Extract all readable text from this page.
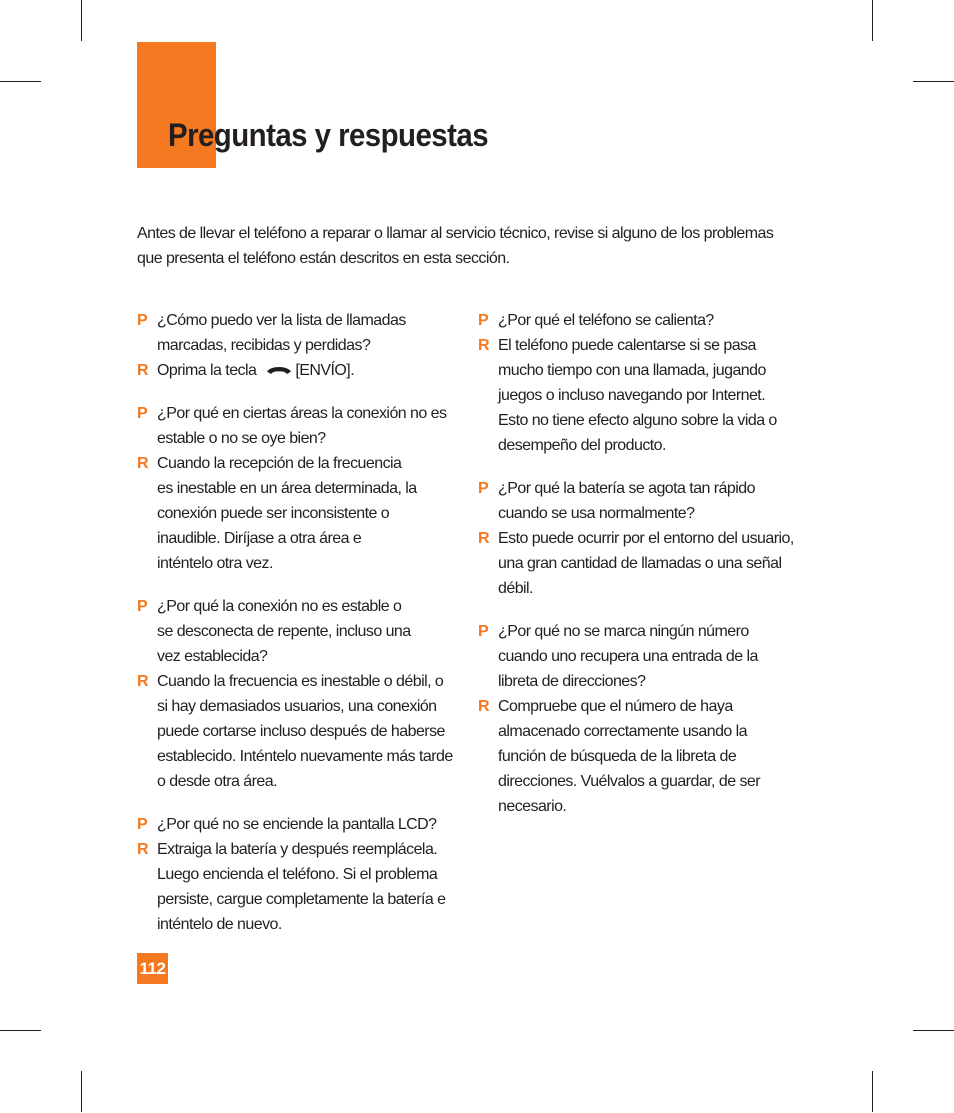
Preguntas y respuestas

Antes de llevar el teléfono a reparar o llamar al servicio técnico, revise si alguno de los problemas que presenta el teléfono están descritos en esta sección.

P ¿Cómo puedo ver la lista de llamadas marcadas, recibidas y perdidas?
R Oprima la tecla [ENVÍO].
P ¿Por qué en ciertas áreas la conexión no es estable o no se oye bien?
R Cuando la recepción de la frecuencia es inestable en un área determinada, la conexión puede ser inconsistente o inaudible. Diríjase a otra área e inténtelo otra vez.
P ¿Por qué la conexión no es estable o se desconecta de repente, incluso una vez establecida?
R Cuando la frecuencia es inestable o débil, o si hay demasiados usuarios, una conexión puede cortarse incluso después de haberse establecido. Inténtelo nuevamente más tarde o desde otra área.
P ¿Por qué no se enciende la pantalla LCD?
R Extraiga la batería y después reemplácela. Luego encienda el teléfono. Si el problema persiste, cargue completamente la batería e inténtelo de nuevo.
P ¿Por qué el teléfono se calienta?
R El teléfono puede calentarse si se pasa mucho tiempo con una llamada, jugando juegos o incluso navegando por Internet. Esto no tiene efecto alguno sobre la vida o desempeño del producto.
P ¿Por qué la batería se agota tan rápido cuando se usa normalmente?
R Esto puede ocurrir por el entorno del usuario, una gran cantidad de llamadas o una señal débil.
P ¿Por qué no se marca ningún número cuando uno recupera una entrada de la libreta de direcciones?
R Compruebe que el número de haya almacenado correctamente usando la función de búsqueda de la libreta de direcciones. Vuélvalos a guardar, de ser necesario.
112
